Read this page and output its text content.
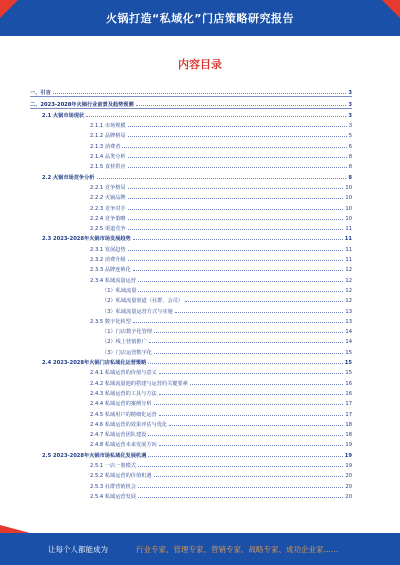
火锅打造“私域化”门店策略研究报告
内容目录
一、引言	3
二、2023-2028年火锅行业前景及趋势预测	3
2.1 火锅市场现状	3
2.1.1 市场规模	3
2.1.2 品牌格局	5
2.1.3 消费者	6
2.1.4 品类分析	8
2.1.5 食材供应	8
2.2 火锅市场竞争分析	8
2.2.1 竞争格局	10
2.2.2 火锅品牌	10
2.2.3 竞争对手	10
2.2.4 竞争策略	10
2.2.5 渠道竞争	11
2.3 2023-2028年火锅市场发展趋势	11
2.3.1 发展趋势	11
2.3.2 消费升级	11
2.3.3 品牌连锁化	12
2.3.4 私域流量运营	12
（1）私域流量	12
（2）私域流量渠道（社群、会员）	12
（3）私域流量运营方式与实施	13
2.3.5 数字化转型	13
（1）门店数字化管理	14
（2）线上营销推广	14
（3）门店运营数字化	15
2.4 2023-2028年火锅门店私域化运营策略	15
2.4.1 私域运营的价值与意义	15
2.4.2 私域流量池的搭建与运营的关键要素	16
2.4.3 私域运营的工具与方法	16
2.4.4 私域运营的案例分析	17
2.4.5 私域用户的精细化运营	17
2.4.6 私域运营的效果评估与优化	18
2.4.7 私域运营团队建设	18
2.4.8 私域运营未来发展方向	19
2.5 2023-2028年火锅市场私域化发展机遇	19
2.5.1 一店一策模式	19
2.5.2 私域运营的价值机遇	20
2.5.3 社群营销机会	20
2.5.4 私域运营发展	20
让每个人都能成为	行业专家、管理专家、营销专家、战略专家、成功企业家……
